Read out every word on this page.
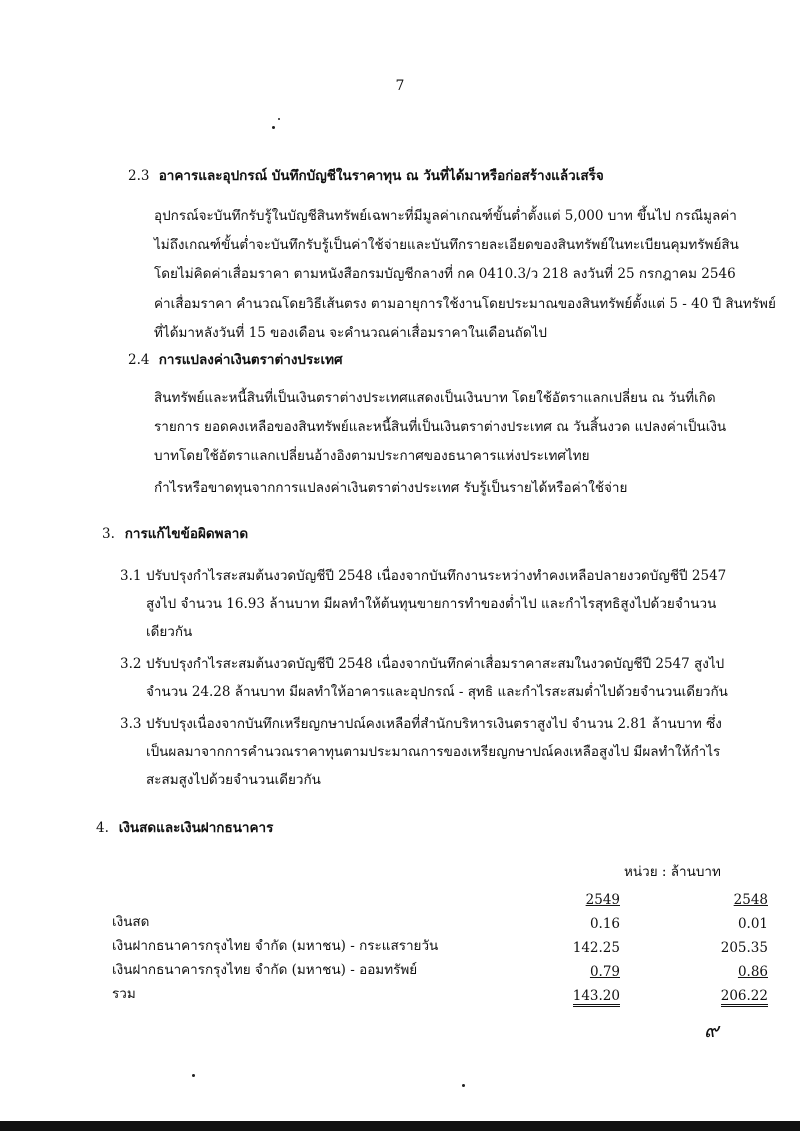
7
2.3 อาคารและอุปกรณ์ บันทึกบัญชีในราคาทุน ณ วันที่ได้มาหรือก่อสร้างแล้วเสร็จ
อุปกรณ์จะบันทึกรับรู้ในบัญชีสินทรัพย์เฉพาะที่มีมูลค่าเกณฑ์ขั้นต่ำตั้งแต่ 5,000 บาท ขึ้นไป กรณีมูลค่า
ไม่ถึงเกณฑ์ขั้นต่ำจะบันทึกรับรู้เป็นค่าใช้จ่ายและบันทึกรายละเอียดของสินทรัพย์ในทะเบียนคุมทรัพย์สิน
โดยไม่คิดค่าเสื่อมราคา ตามหนังสือกรมบัญชีกลางที่ กค 0410.3/ว 218 ลงวันที่ 25 กรกฎาคม 2546
ค่าเสื่อมราคา คำนวณโดยวิธีเส้นตรง ตามอายุการใช้งานโดยประมาณของสินทรัพย์ตั้งแต่ 5 - 40 ปี สินทรัพย์
ที่ได้มาหลังวันที่ 15 ของเดือน จะคำนวณค่าเสื่อมราคาในเดือนถัดไป
2.4 การแปลงค่าเงินตราต่างประเทศ
สินทรัพย์และหนี้สินที่เป็นเงินตราต่างประเทศแสดงเป็นเงินบาท โดยใช้อัตราแลกเปลี่ยน ณ วันที่เกิด
รายการ ยอดคงเหลือของสินทรัพย์และหนี้สินที่เป็นเงินตราต่างประเทศ ณ วันสิ้นงวด แปลงค่าเป็นเงิน
บาทโดยใช้อัตราแลกเปลี่ยนอ้างอิงตามประกาศของธนาคารแห่งประเทศไทย
กำไรหรือขาดทุนจากการแปลงค่าเงินตราต่างประเทศ รับรู้เป็นรายได้หรือค่าใช้จ่าย
3. การแก้ไขข้อผิดพลาด
3.1 ปรับปรุงกำไรสะสมต้นงวดบัญชีปี 2548 เนื่องจากบันทึกงานระหว่างทำคงเหลือปลายงวดบัญชีปี 2547
สูงไป จำนวน 16.93 ล้านบาท มีผลทำให้ต้นทุนขายการทำของต่ำไป และกำไรสุทธิสูงไปด้วยจำนวน
เดียวกัน
3.2 ปรับปรุงกำไรสะสมต้นงวดบัญชีปี 2548 เนื่องจากบันทึกค่าเสื่อมราคาสะสมในงวดบัญชีปี 2547 สูงไป
จำนวน 24.28 ล้านบาท มีผลทำให้อาคารและอุปกรณ์ - สุทธิ และกำไรสะสมต่ำไปด้วยจำนวนเดียวกัน
3.3 ปรับปรุงเนื่องจากบันทึกเหรียญกษาปณ์คงเหลือที่สำนักบริหารเงินตราสูงไป จำนวน 2.81 ล้านบาท ซึ่ง
เป็นผลมาจากการคำนวณราคาทุนตามประมาณการของเหรียญกษาปณ์คงเหลือสูงไป มีผลทำให้กำไร
สะสมสูงไปด้วยจำนวนเดียวกัน
4. เงินสดและเงินฝากธนาคาร
หน่วย : ล้านบาท
	2549		2548
เงินสด	0.16		0.01
เงินฝากธนาคารกรุงไทย จำกัด (มหาชน) - กระแสรายวัน	142.25		205.35
เงินฝากธนาคารกรุงไทย จำกัด (มหาชน) - ออมทรัพย์	0.79		0.86
รวม	143.20		206.22
๙
